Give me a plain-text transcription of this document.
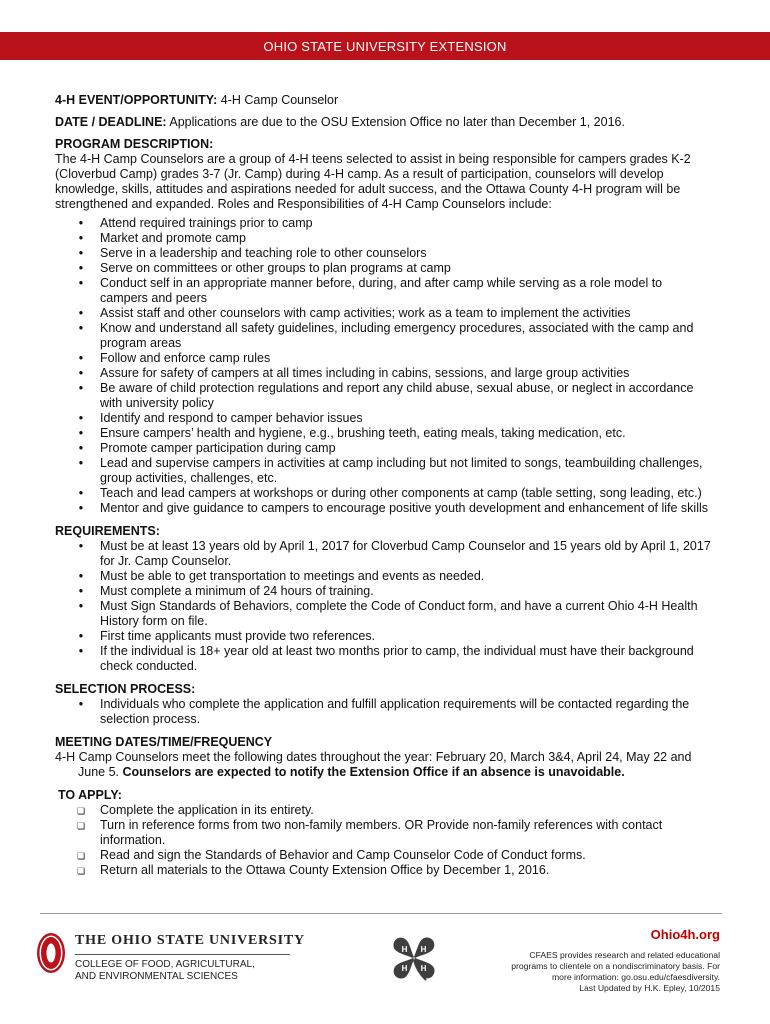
OHIO STATE UNIVERSITY EXTENSION

4-H EVENT/OPPORTUNITY: 4-H Camp Counselor

DATE / DEADLINE: Applications are due to the OSU Extension Office no later than December 1, 2016.

PROGRAM DESCRIPTION:

The 4-H Camp Counselors are a group of 4-H teens selected to assist in being responsible for campers grades K-2
(Cloverbud Camp) grades 3-7 (Jr. Camp) during 4-H camp. As a result of participation, counselors will develop
knowledge, skills, attitudes and aspirations needed for adult success, and the Ottawa County 4-H program will be
strengthened and expanded. Roles and Responsibilities of 4-H Camp Counselors include:
• Attend required trainings prior to camp
• Market and promote camp
• Serve in a leadership and teaching role to other counselors
• Serve on committees or other groups to plan programs at camp
• Conduct self in an appropriate manner before, during, and after camp while serving as a role model to
campers and peers
• Assist staff and other counselors with camp activities; work as a team to implement the activities
• Know and understand all safety guidelines, including emergency procedures, associated with the camp and
program areas
• Follow and enforce camp rules
• Assure for safety of campers at all times including in cabins, sessions, and large group activities
• Be aware of child protection regulations and report any child abuse, sexual abuse, or neglect in accordance
with university policy
• Identify and respond to camper behavior issues
• Ensure campers’ health and hygiene, e.g., brushing teeth, eating meals, taking medication, etc.
• Promote camper participation during camp
• Lead and supervise campers in activities at camp including but not limited to songs, teambuilding challenges,
group activities, challenges, etc.
• Teach and lead campers at workshops or during other components at camp (table setting, song leading, etc.)
• Mentor and give guidance to campers to encourage positive youth development and enhancement of life skills

REQUIREMENTS:

• Must be at least 13 years old by April 1, 2017 for Cloverbud Camp Counselor and 15 years old by April 1, 2017
for Jr. Camp Counselor.
• Must be able to get transportation to meetings and events as needed.
• Must complete a minimum of 24 hours of training.
• Must Sign Standards of Behaviors, complete the Code of Conduct form, and have a current Ohio 4-H Health
History form on file.
• First time applicants must provide two references.
• If the individual is 18+ year old at least two months prior to camp, the individual must have their background
check conducted.

SELECTION PROCESS:

• Individuals who complete the application and fulfill application requirements will be contacted regarding the
selection process.

MEETING DATES/TIME/FREQUENCY

4-H Camp Counselors meet the following dates throughout the year: February 20, March 3&4, April 24, May 22 and
June 5. Counselors are expected to notify the Extension Office if an absence is unavoidable.

TO APPLY:

❏ Complete the application in its entirety.
❏ Turn in reference forms from two non-family members. OR Provide non-family references with contact
information.
❏ Read and sign the Standards of Behavior and Camp Counselor Code of Conduct forms.
❏ Return all materials to the Ottawa County Extension Office by December 1, 2016.
THE OHIO STATE UNIVERSITY
COLLEGE OF FOOD, AGRICULTURAL,
AND ENVIRONMENTAL SCIENCES
H H
H H
Ohio4h.org
CFAES provides research and related educational
programs to clientele on a nondiscriminatory basis. For
more information: go.osu.edu/cfaesdiversity.
Last Updated by H.K. Epley, 10/2015
